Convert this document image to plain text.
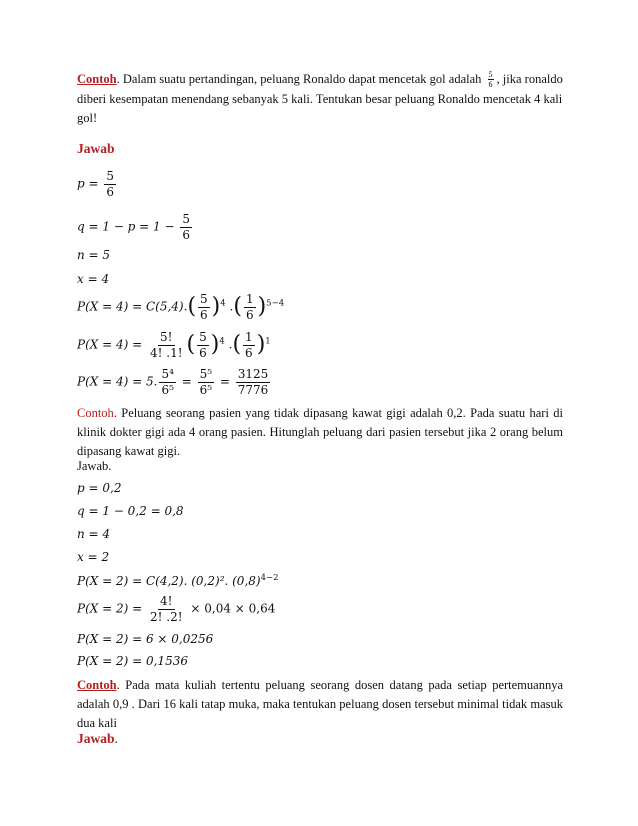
Contoh. Dalam suatu pertandingan, peluang Ronaldo dapat mencetak gol adalah $\frac{5}{6}$ , jika ronaldo diberi kesempatan menendang sebanyak 5 kali. Tentukan besar peluang Ronaldo mencetak 4 kali gol!
Jawab
$p = \frac{5}{6}$
$q = 1 - p = 1 - \frac{5}{6}$
n = 5
x = 4
$P(X = 4) = C(5,4).( \frac{5}{6} )^4$ .( $\frac{1}{6} )^{5-4}$
$P(X = 4) = \frac{5!}{4! .1!}$ ( $\frac{5}{6} )^4$ .( $\frac{1}{6} )^1$
P(X = 4) = 5. $\frac{\text{5⁴}}{\text{6⁵}} = \frac{\text{5⁵}}{\text{6⁵}} = \frac{3125}{7776}$
Contoh. Peluang seorang pasien yang tidak dipasang kawat gigi adalah 0,2. Pada suatu hari di klinik dokter gigi ada 4 orang pasien. Hitunglah peluang dari pasien tersebut jika 2 orang belum dipasang kawat gigi.
Jawab.
p = 0,2
q = 1 − 0,2 = 0,8
n = 4
x = 2
P(X = 2) = C(4,2). (0,2)². $(0,8)^{4-2}$
$P(X = 2) = \frac{4!}{2! .2!} \times 0,04 \times 0,64$
P(X = 2) = 6 × 0,0256
P(X = 2) = 0,1536
Contoh. Pada mata kuliah tertentu peluang seorang dosen datang pada setiap pertemuannya adalah 0,9 . Dari 16 kali tatap muka, maka tentukan peluang dosen tersebut minimal tidak masuk dua kali
Jawab.
